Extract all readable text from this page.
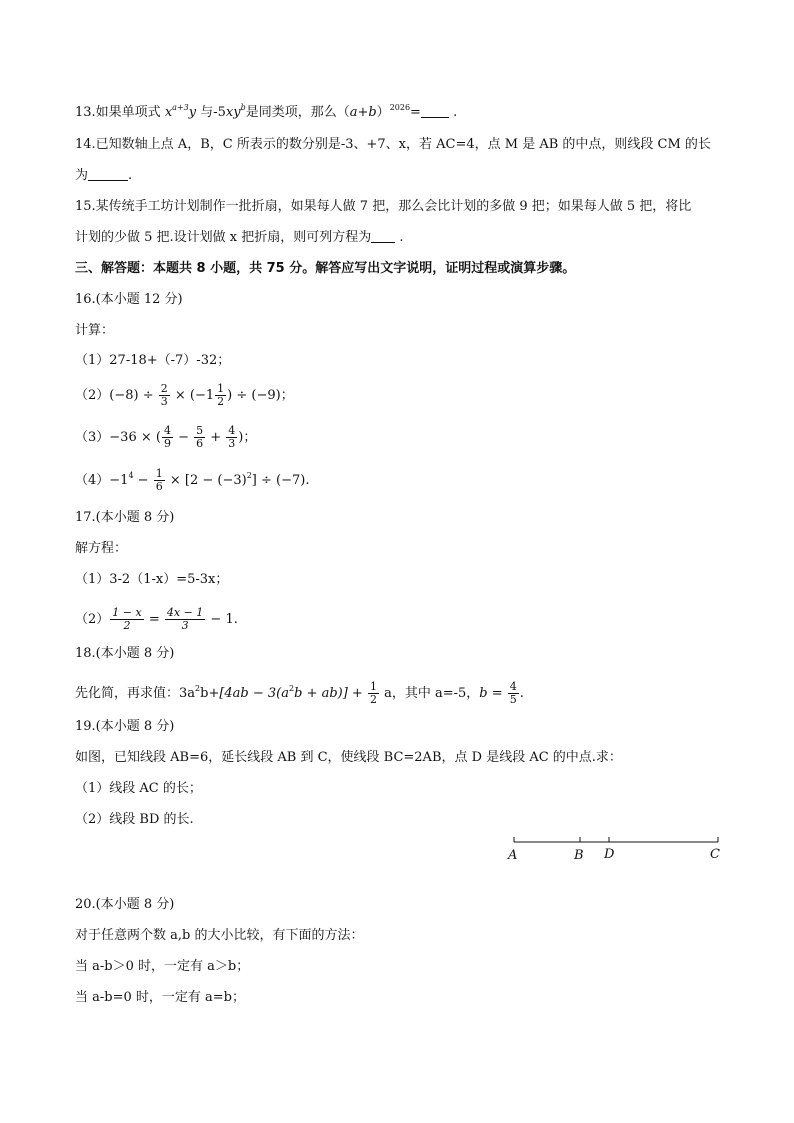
13.如果单项式 $x^{a+3}y$ 与$-5xy^b$是同类项，那么$(a+b)^{2026}=$ .
14.已知数轴上点 A，B，C 所表示的数分别是-3、+7、x，若 AC=4，点 M 是 AB 的中点，则线段 CM 的长
为	.
15.某传统手工坊计划制作一批折扇，如果每人做 7 把，那么会比计划的多做 9 把；如果每人做 5 把，将比
计划的少做 5 把.设计划做 x 把折扇，则可列方程为 .
三、解答题：本题共 8 小题，共 75 分。解答应写出文字说明，证明过程或演算步骤。
16.(本小题 12 分)
计算：
（1）27-18+（-7）-32；
$(2)(-8) \div \frac{2}{3} \times (-1 \frac{1}{2}$ ) ÷ (−9)；
（3）−36 × ( $\frac{4}{9} - \frac{5}{6} + \frac{4}{3}$ )；
$(4)-1^4 - \frac{1}{6} \times [2 - (-3)^2] \div (-7)$.
17.(本小题 8 分)
解方程：
（1）3-2（1-x）=5-3x；
$(2) \frac{1 - x}{2} = \frac{4x - 1}{3} - 1$.
18.(本小题 8 分)
先化简，再求值：$3a^2b+[4ab - 3(a^2b + ab)] + \frac{1}{2}$ a，其中 a=-5，$b = \frac{4}{5}$ .
19.(本小题 8 分)
如图，已知线段 AB=6，延长线段 AB 到 C，使线段 BC=2AB，点 D 是线段 AC 的中点.求：
（1）线段 AC 的长；
（2）线段 BD 的长.
A	B D	C
20.(本小题 8 分)
对于任意两个数 a,b 的大小比较，有下面的方法：
当 a-b＞0 时，一定有 a＞b；
当 a-b=0 时，一定有 a=b；
